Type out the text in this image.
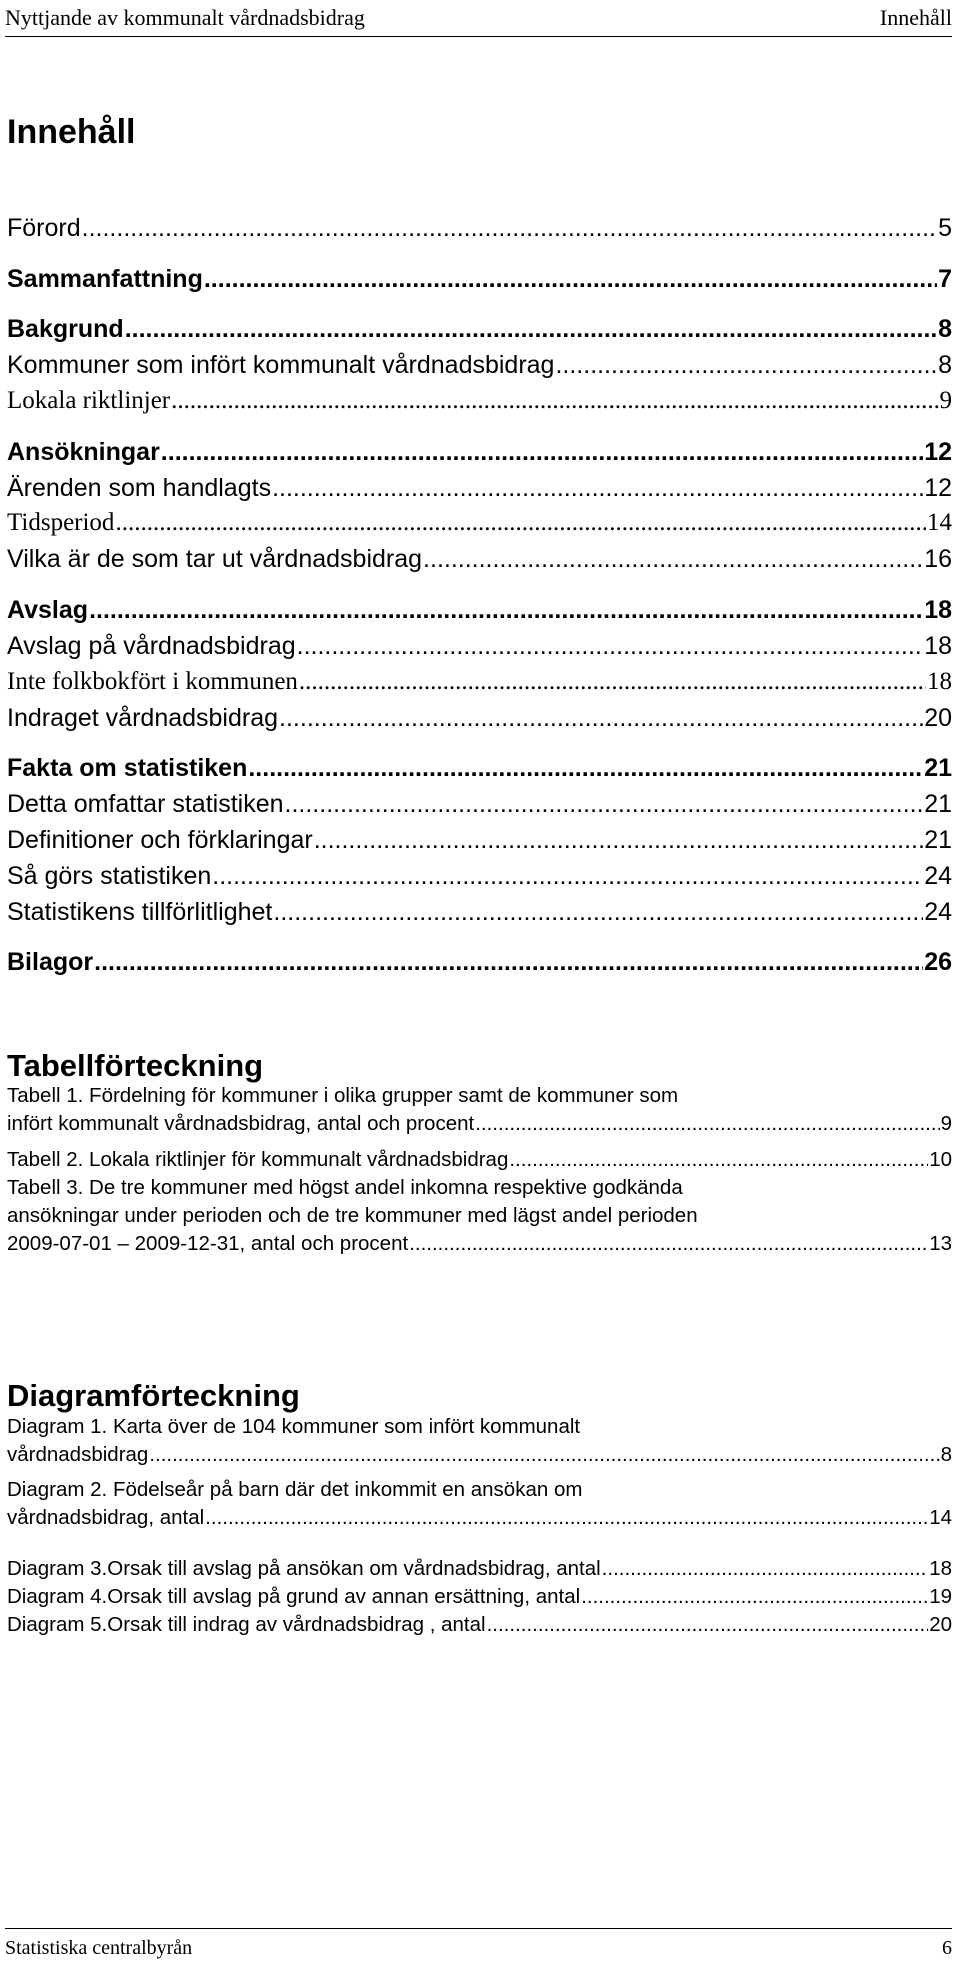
Nyttjande av kommunalt vårdnadsbidrag	Innehåll
Innehåll
Förord .....	5
Sammanfattning .....	7
Bakgrund .....	8
Kommuner som infört kommunalt vårdnadsbidrag .....	8
Lokala riktlinjer .....	9
Ansökningar .....	12
Ärenden som handlagts .....	12
Tidsperiod .....	14
Vilka är de som tar ut vårdnadsbidrag .....	16
Avslag .....	18
Avslag på vårdnadsbidrag .....	18
Inte folkbokfört i kommunen .....	18
Indraget vårdnadsbidrag .....	20
Fakta om statistiken .....	21
Detta omfattar statistiken .....	21
Definitioner och förklaringar .....	21
Så görs statistiken .....	24
Statistikens tillförlitlighet .....	24
Bilagor .....	26
Tabellförteckning
Tabell 1. Fördelning för kommuner i olika grupper samt de kommuner som
infört kommunalt vårdnadsbidrag, antal och procent .....	9
Tabell 2. Lokala riktlinjer för kommunalt vårdnadsbidrag .....	10
Tabell 3. De tre kommuner med högst andel inkomna respektive godkända
ansökningar under perioden och de tre kommuner med lägst andel perioden
2009-07-01 – 2009-12-31, antal och procent .....	13
Diagramförteckning
Diagram 1. Karta över de 104 kommuner som infört kommunalt
vårdnadsbidrag .....	8
Diagram 2. Födelseår på barn där det inkommit en ansökan om
vårdnadsbidrag, antal .....	14
Diagram 3.Orsak till avslag på ansökan om vårdnadsbidrag, antal .....	18
Diagram 4.Orsak till avslag på grund av annan ersättning, antal .....	19
Diagram 5.Orsak till indrag av vårdnadsbidrag , antal .....	20
Statistiska centralbyrån	6
